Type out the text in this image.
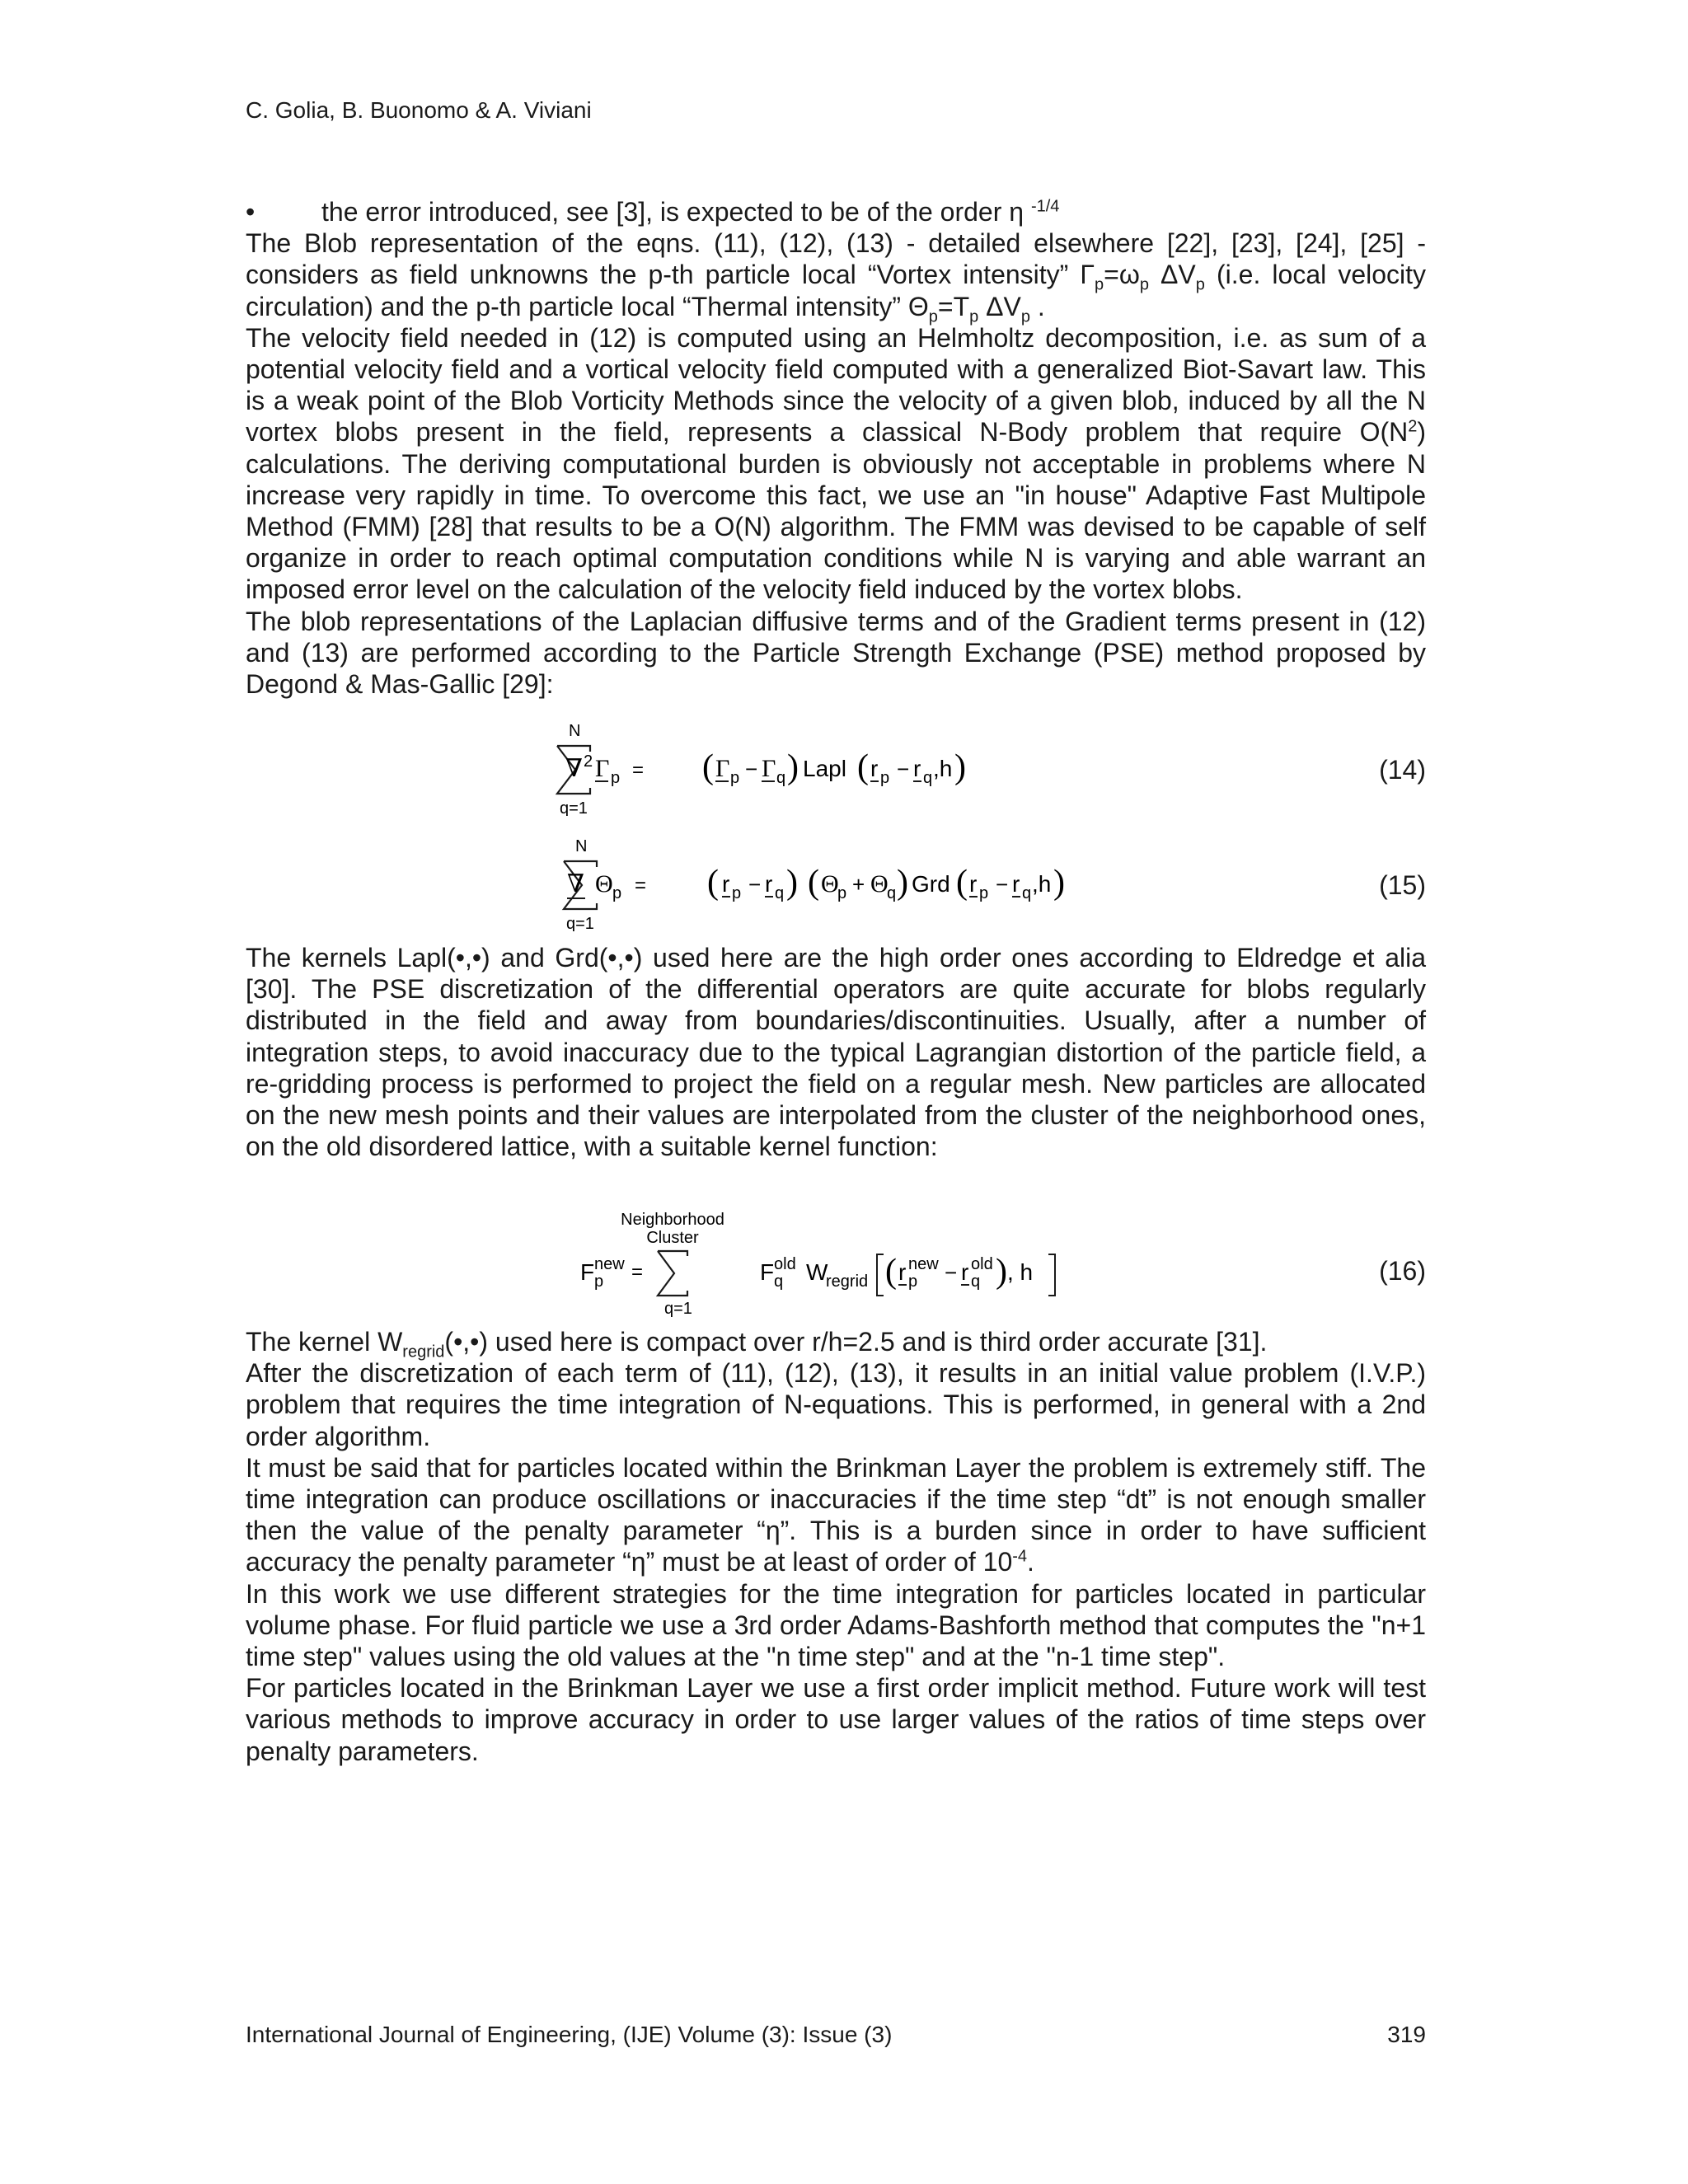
C. Golia, B. Buonomo & A. Viviani
•	the error introduced, see [3], is expected to be of the order η $^{-1/4}$

The Blob representation of the eqns. (11), (12), (13) - detailed elsewhere [22], [23], [24], [25] - considers as field unknowns the p-th particle local “Vortex intensity” $\Gamma_p=\omega_p$ $\Delta V_p$ (i.e. local velocity circulation) and the p-th particle local “Thermal intensity” $\Theta_p=T_p$ $\Delta V_p$ .

The velocity field needed in (12) is computed using an Helmholtz decomposition, i.e. as sum of a potential velocity field and a vortical velocity field computed with a generalized Biot-Savart law. This is a weak point of the Blob Vorticity Methods since the velocity of a given blob, induced by all the N vortex blobs present in the field, represents a classical N-Body problem that require $O(N^2)$ calculations. The deriving computational burden is obviously not acceptable in problems where N increase very rapidly in time. To overcome this fact, we use an "in house" Adaptive Fast Multipole Method (FMM) [28] that results to be a O(N) algorithm. The FMM was devised to be capable of self organize in order to reach optimal computation conditions while N is varying and able warrant an imposed error level on the calculation of the velocity field induced by the vortex blobs.

The blob representations of the Laplacian diffusive terms and of the Gradient terms present in (12) and (13) are performed according to the Particle Strength Exchange (PSE) method proposed by Degond & Mas-Gallic [29]:

N
q=1
∇ 2 Γ p = ( Γ p − Γ q ) Lapl ( r p − r q ,h )	(14)
N
q=1
∇ Θ p = ( r p − r q ) ( Θ
p + Θ
q ) Grd ( r p − r q ,h )	(15)

The kernels Lapl(•,•) and Grd(•,•) used here are the high order ones according to Eldredge et alia [30]. The PSE discretization of the differential operators are quite accurate for blobs regularly distributed in the field and away from boundaries/discontinuities. Usually, after a number of integration steps, to avoid inaccuracy due to the typical Lagrangian distortion of the particle field, a re-gridding process is performed to project the field on a regular mesh. New particles are allocated on the new mesh points and their values are interpolated from the cluster of the neighborhood ones, on the old disordered lattice, with a suitable kernel function:

Neighborhood
Cluster
q=1
F new
p =	F old
q W
regrid ( r new
p − r old
q ) , h	(16)

The kernel $W_{regrid}(•,•)$ used here is compact over r/h=2.5 and is third order accurate [31].

After the discretization of each term of (11), (12), (13), it results in an initial value problem (I.V.P.) problem that requires the time integration of N-equations. This is performed, in general with a 2nd order algorithm.

It must be said that for particles located within the Brinkman Layer the problem is extremely stiff. The time integration can produce oscillations or inaccuracies if the time step “dt” is not enough smaller then the value of the penalty parameter “η”. This is a burden since in order to have sufficient accuracy the penalty parameter “η” must be at least of order of $10^{-4}$.

In this work we use different strategies for the time integration for particles located in particular volume phase. For fluid particle we use a 3rd order Adams-Bashforth method that computes the "n+1 time step" values using the old values at the "n time step" and at the "n-1 time step".

For particles located in the Brinkman Layer we use a first order implicit method. Future work will test various methods to improve accuracy in order to use larger values of the ratios of time steps over penalty parameters.

International Journal of Engineering, (IJE) Volume (3): Issue (3)	319
